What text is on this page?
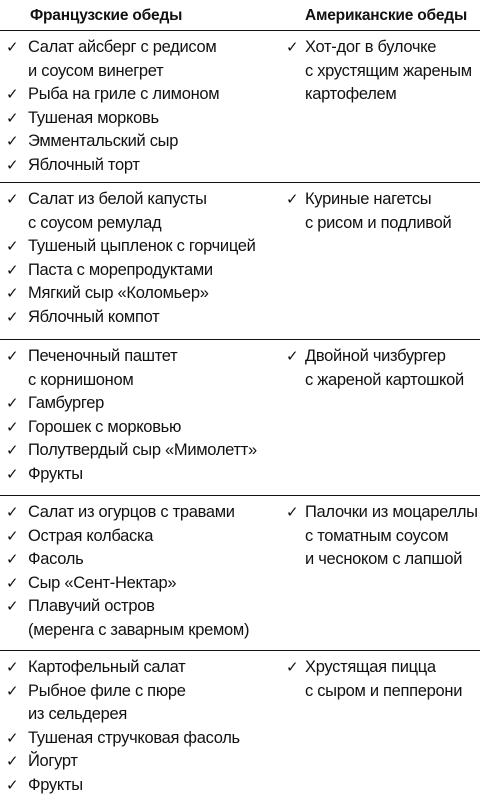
Французские обеды	Американские обеды
✓ Салат айсберг с редисом
и соусом винегрет
✓ Рыба на гриле с лимоном
✓ Тушеная морковь
✓ Эмментальский сыр
✓ Яблочный торт
✓ Хот-дог в булочке
с хрустящим жареным
картофелем
✓ Салат из белой капусты
с соусом ремулад
✓ Тушеный цыпленок с горчицей
✓ Паста с морепродуктами
✓ Мягкий сыр «Коломьер»
✓ Яблочный компот
✓ Куриные нагетсы
с рисом и подливой
✓ Печеночный паштет
с корнишоном
✓ Гамбургер
✓ Горошек с морковью
✓ Полутвердый сыр «Мимолетт»
✓ Фрукты
✓ Двойной чизбургер
с жареной картошкой
✓ Салат из огурцов с травами
✓ Острая колбаска
✓ Фасоль
✓ Сыр «Сент-Нектар»
✓ Плавучий остров
(меренга с заварным кремом)
✓ Палочки из моцареллы
с томатным соусом
и чесноком с лапшой
✓ Картофельный салат
✓ Рыбное филе с пюре
из сельдерея
✓ Тушеная стручковая фасоль
✓ Йогурт
✓ Фрукты
✓ Хрустящая пицца
с сыром и пепперони
